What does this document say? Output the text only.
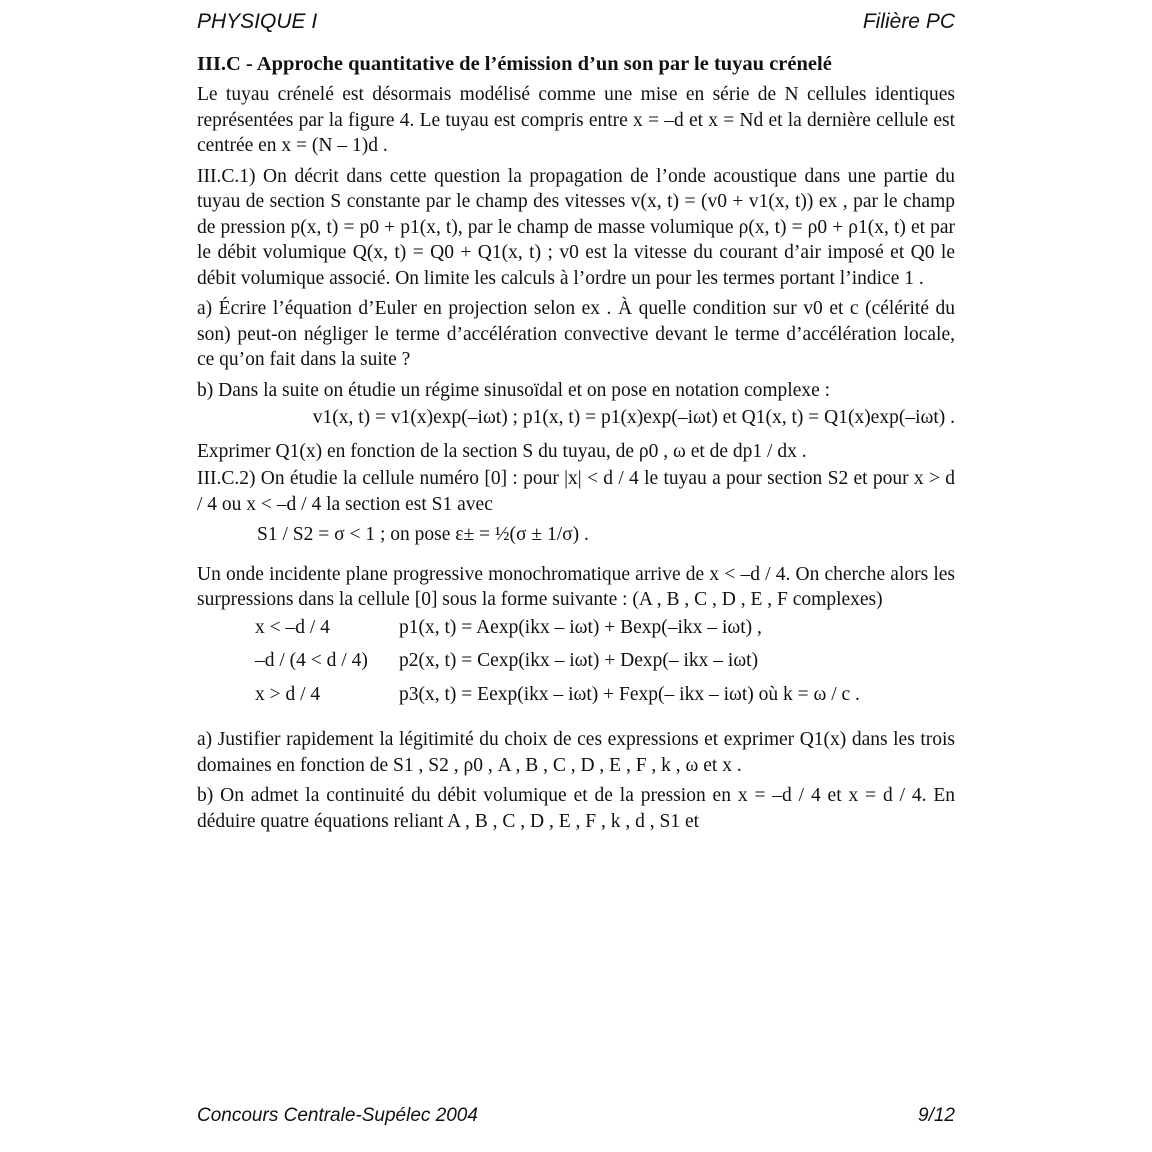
PHYSIQUE I	Filière PC
III.C - Approche quantitative de l’émission d’un son par le tuyau crénelé

Le tuyau crénelé est désormais modélisé comme une mise en série de N cellules identiques représentées par la figure 4. Le tuyau est compris entre x = –d et x = Nd et la dernière cellule est centrée en x = (N – 1)d .

III.C.1) On décrit dans cette question la propagation de l’onde acoustique dans une partie du tuyau de section S constante par le champ des vitesses v(x, t) = (v0 + v1(x, t)) ex , par le champ de pression p(x, t) = p0 + p1(x, t), par le champ de masse volumique ρ(x, t) = ρ0 + ρ1(x, t) et par le débit volumique Q(x, t) = Q0 + Q1(x, t) ; v0 est la vitesse du courant d’air imposé et Q0 le débit volumique associé. On limite les calculs à l’ordre un pour les termes portant l’indice 1 .

a) Écrire l’équation d’Euler en projection selon ex . À quelle condition sur v0 et c (célérité du son) peut-on négliger le terme d’accélération convective devant le terme d’accélération locale, ce qu’on fait dans la suite ?

b) Dans la suite on étudie un régime sinusoïdal et on pose en notation complexe :

v1(x, t) = v1(x)exp(–iωt) ; p1(x, t) = p1(x)exp(–iωt) et Q1(x, t) = Q1(x)exp(–iωt) .

Exprimer Q1(x) en fonction de la section S du tuyau, de ρ0 , ω et de dp1 / dx .

III.C.2) On étudie la cellule numéro [0] : pour |x| < d / 4 le tuyau a pour section S2 et pour x > d / 4 ou x < –d / 4 la section est S1 avec

S1 / S2 = σ < 1 ; on pose ε± = ½(σ ± 1/σ) .

Un onde incidente plane progressive monochromatique arrive de x < –d / 4. On cherche alors les surpressions dans la cellule [0] sous la forme suivante : (A , B , C , D , E , F complexes)

x < –d / 4	p1(x, t) = Aexp(ikx – iωt) + Bexp(–ikx – iωt) ,
–d / (4 < d / 4)	p2(x, t) = Cexp(ikx – iωt) + Dexp(– ikx – iωt)
x > d / 4	p3(x, t) = Eexp(ikx – iωt) + Fexp(– ikx – iωt) où k = ω / c .

a) Justifier rapidement la légitimité du choix de ces expressions et exprimer Q1(x) dans les trois domaines en fonction de S1 , S2 , ρ0 , A , B , C , D , E , F , k , ω et x .

b) On admet la continuité du débit volumique et de la pression en x = –d / 4 et x = d / 4. En déduire quatre équations reliant A , B , C , D , E , F , k , d , S1 et

Concours Centrale-Supélec 2004	9/12
